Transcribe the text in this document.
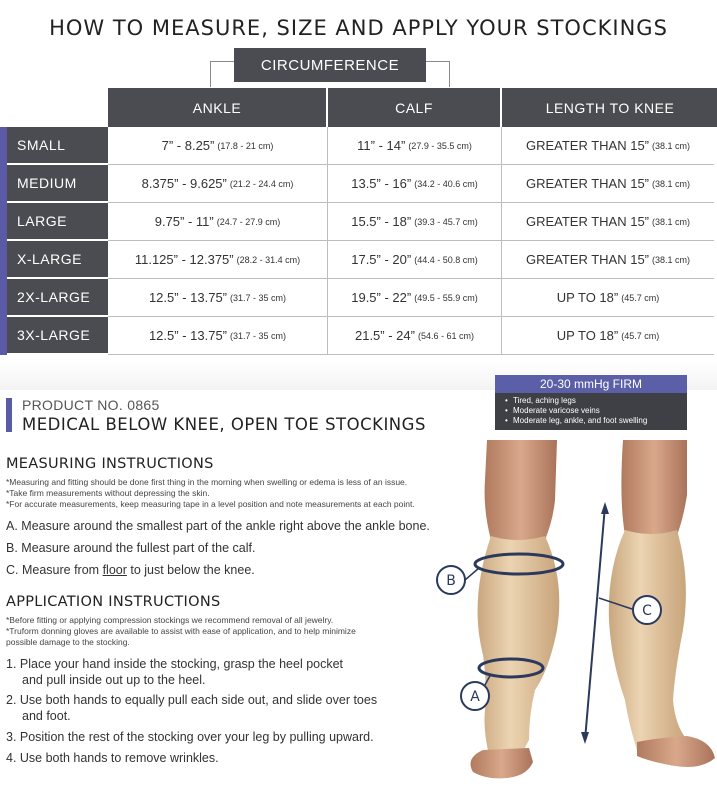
HOW TO MEASURE, SIZE AND APPLY YOUR STOCKINGS
CIRCUMFERENCE
ANKLE	CALF	LENGTH TO KNEE
SMALL	7” - 8.25” (17.8 - 21 cm)	11” - 14” (27.9 - 35.5 cm)	GREATER THAN 15” (38.1 cm)
MEDIUM	8.375” - 9.625” (21.2 - 24.4 cm)	13.5” - 16” (34.2 - 40.6 cm)	GREATER THAN 15” (38.1 cm)
LARGE	9.75” - 11” (24.7 - 27.9 cm)	15.5” - 18” (39.3 - 45.7 cm)	GREATER THAN 15” (38.1 cm)
X-LARGE	11.125” - 12.375” (28.2 - 31.4 cm)	17.5” - 20” (44.4 - 50.8 cm)	GREATER THAN 15” (38.1 cm)
2X-LARGE	12.5” - 13.75” (31.7 - 35 cm)	19.5” - 22” (49.5 - 55.9 cm)	UP TO 18” (45.7 cm)
3X-LARGE	12.5” - 13.75” (31.7 - 35 cm)	21.5” - 24” (54.6 - 61 cm)	UP TO 18” (45.7 cm)
20-30 mmHg FIRM
• Tired, aching legs
• Moderate varicose veins
• Moderate leg, ankle, and foot swelling
PRODUCT NO. 0865
MEDICAL BELOW KNEE, OPEN TOE STOCKINGS
MEASURING INSTRUCTIONS
*Measuring and fitting should be done first thing in the morning when swelling or edema is less of an issue.
*Take firm measurements without depressing the skin.
*For accurate measurements, keep measuring tape in a level position and note measurements at each point.
A. Measure around the smallest part of the ankle right above the ankle bone.
B. Measure around the fullest part of the calf.
C. Measure from floor to just below the knee.
APPLICATION INSTRUCTIONS
*Before fitting or applying compression stockings we recommend removal of all jewelry.
*Truform donning gloves are available to assist with ease of application, and to help minimize
possible damage to the stocking.
1. Place your hand inside the stocking, grasp the heel pocket
and pull inside out up to the heel.
2. Use both hands to equally pull each side out, and slide over toes
and foot.
3. Position the rest of the stocking over your leg by pulling upward.
4. Use both hands to remove wrinkles.
B
A
C
